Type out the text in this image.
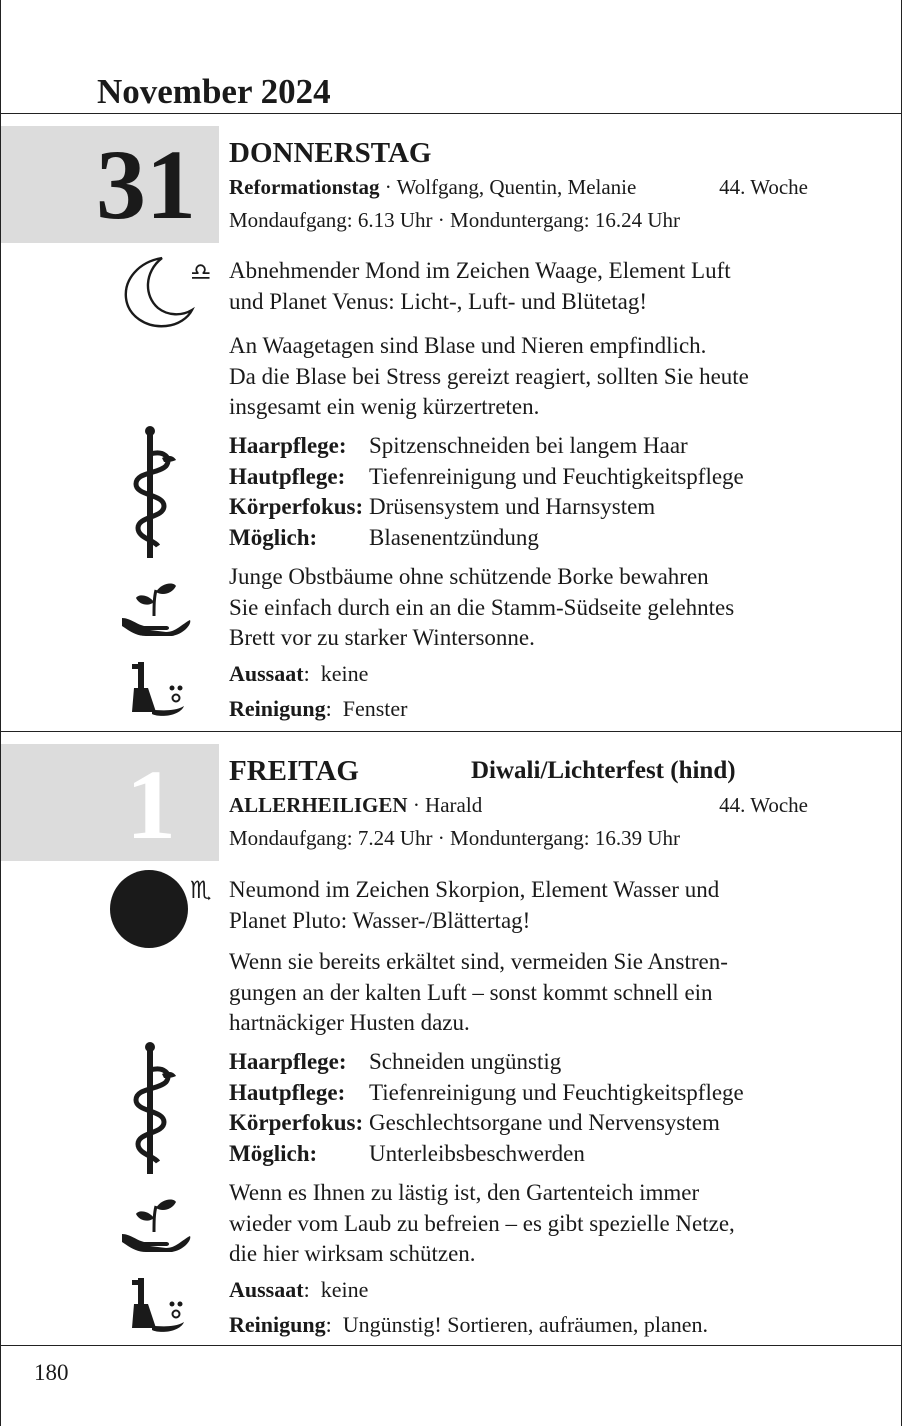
November 2024
31 DONNERSTAG
Reformationstag · Wolfgang, Quentin, Melanie	44. Woche
Mondaufgang: 6.13 Uhr · Monduntergang: 16.24 Uhr
♎ Abnehmender Mond im Zeichen Waage, Element Luft

und Planet Venus: Licht-, Luft- und Blütetag!

An Waagetagen sind Blase und Nieren empfindlich.

Da die Blase bei Stress gereizt reagiert, sollten Sie heute

insgesamt ein wenig kürzertreten.

Haarpflege: Spitzenschneiden bei langem Haar
Hautpflege:	Tiefenreinigung und Feuchtigkeitspflege
Körperfokus: Drüsensystem und Harnsystem
Möglich:	Blasenentzündung

Junge Obstbäume ohne schützende Borke bewahren

Sie einfach durch ein an die Stamm-Südseite gelehntes

Brett vor zu starker Wintersonne.

Aussaat:  keine
Reinigung:  Fenster
1 FREITAG	Diwali/Lichterfest (hind)
ALLERHEILIGEN · Harald	44. Woche
Mondaufgang: 7.24 Uhr · Monduntergang: 16.39 Uhr
♏ Neumond im Zeichen Skorpion, Element Wasser und

Planet Pluto: Wasser-/Blättertag!

Wenn sie bereits erkältet sind, vermeiden Sie Anstren-

gungen an der kalten Luft – sonst kommt schnell ein

hartnäckiger Husten dazu.

Haarpflege: Schneiden ungünstig
Hautpflege:	Tiefenreinigung und Feuchtigkeitspflege
Körperfokus: Geschlechtsorgane und Nervensystem
Möglich:	Unterleibsbeschwerden

Wenn es Ihnen zu lästig ist, den Gartenteich immer

wieder vom Laub zu befreien – es gibt spezielle Netze,

die hier wirksam schützen.

Aussaat:  keine
Reinigung:  Ungünstig! Sortieren, aufräumen, planen.
180
